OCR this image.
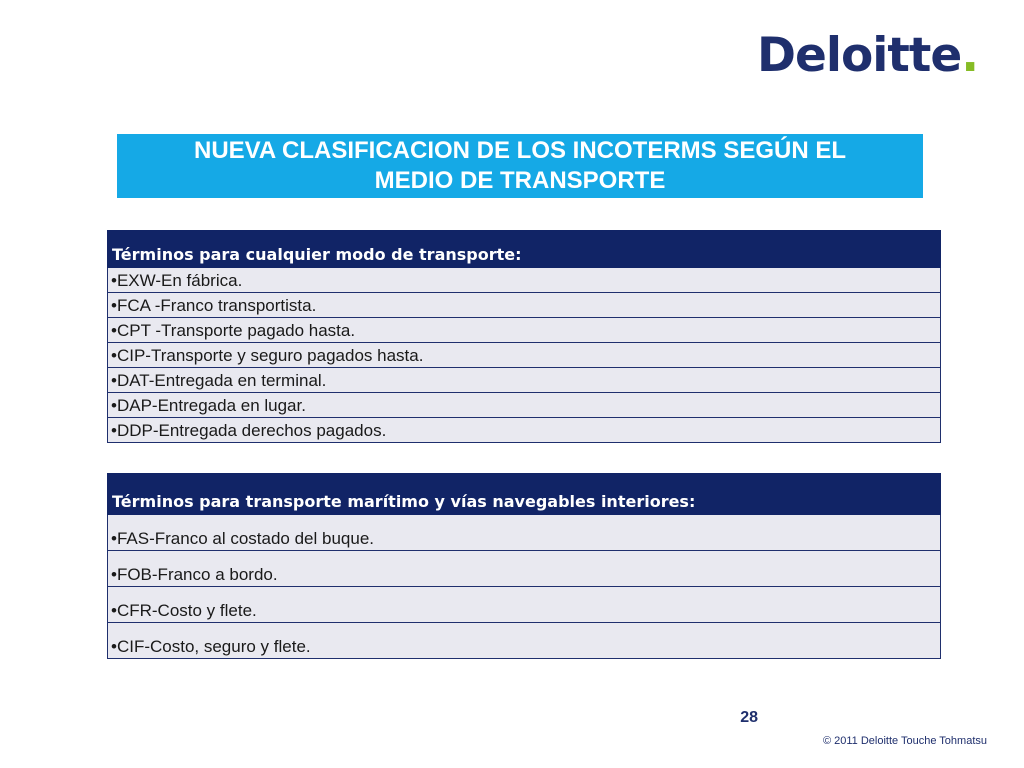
Deloitte.
NUEVA CLASIFICACION DE LOS INCOTERMS SEGÚN EL
MEDIO DE TRANSPORTE
Términos para cualquier modo de transporte:
•EXW-En fábrica.
•FCA -Franco transportista.
•CPT -Transporte pagado hasta.
•CIP-Transporte y seguro pagados hasta.
•DAT-Entregada en terminal.
•DAP-Entregada en lugar.
•DDP-Entregada derechos pagados.
Términos para transporte marítimo y vías navegables interiores:
•FAS-Franco al costado del buque.
•FOB-Franco a bordo.
•CFR-Costo y flete.
•CIF-Costo, seguro y flete.
28
© 2011 Deloitte Touche Tohmatsu
